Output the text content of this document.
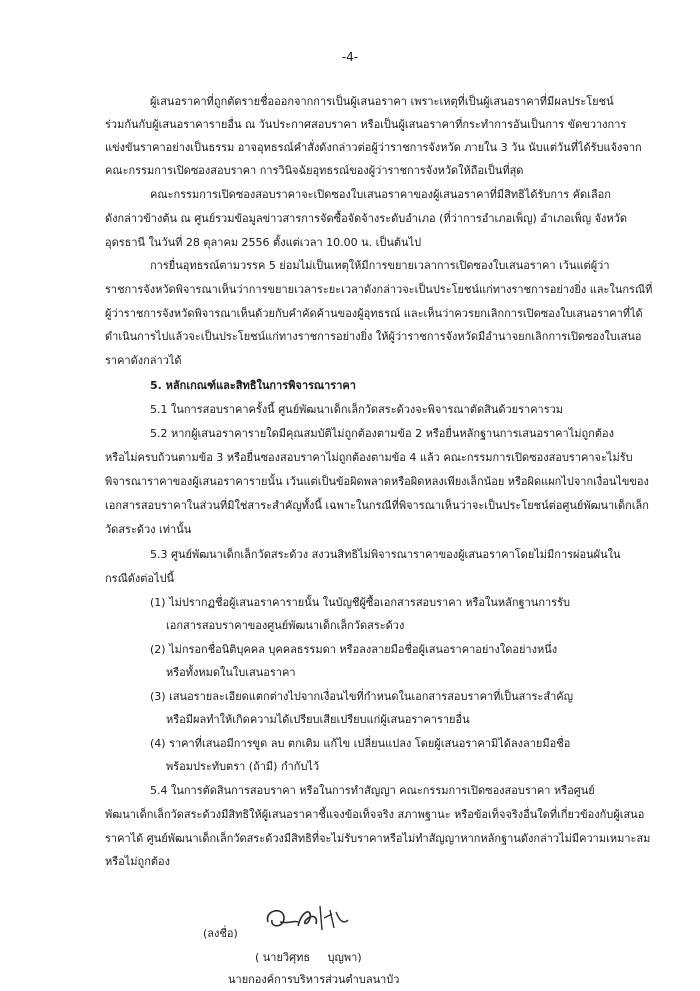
-4-
ผู้เสนอราคาที่ถูกตัดรายชื่อออกจากการเป็นผู้เสนอราคา เพราะเหตุที่เป็นผู้เสนอราคาที่มีผลประโยชน์
ร่วมกันกับผู้เสนอราคารายอื่น ณ วันประกาศสอบราคา หรือเป็นผู้เสนอราคาที่กระทำการอันเป็นการ ขัดขวางการ
แข่งขันราคาอย่างเป็นธรรม อาจอุทธรณ์คำสั่งดังกล่าวต่อผู้ว่าราชการจังหวัด ภายใน 3 วัน นับแต่วันที่ได้รับแจ้งจาก
คณะกรรมการเปิดซองสอบราคา การวินิจฉัยอุทธรณ์ของผู้ว่าราชการจังหวัดให้ถือเป็นที่สุด
คณะกรรมการเปิดซองสอบราคาจะเปิดซองใบเสนอราคาของผู้เสนอราคาที่มีสิทธิได้รับการ คัดเลือก
ดังกล่าวข้างต้น ณ ศูนย์รวมข้อมูลข่าวสารการจัดซื้อจัดจ้างระดับอำเภอ (ที่ว่าการอำเภอเพ็ญ) อำเภอเพ็ญ จังหวัด
อุดรธานี ในวันที่ 28 ตุลาคม 2556 ตั้งแต่เวลา 10.00 น. เป็นต้นไป
การยื่นอุทธรณ์ตามวรรค 5 ย่อมไม่เป็นเหตุให้มีการขยายเวลาการเปิดซองใบเสนอราคา เว้นแต่ผู้ว่า
ราชการจังหวัดพิจารณาเห็นว่าการขยายเวลาระยะเวลาดังกล่าวจะเป็นประโยชน์แก่ทางราชการอย่างยิ่ง และในกรณีที่
ผู้ว่าราชการจังหวัดพิจารณาเห็นด้วยกับคำคัดค้านของผู้อุทธรณ์ และเห็นว่าควรยกเลิกการเปิดซองใบเสนอราคาที่ได้
ดำเนินการไปแล้วจะเป็นประโยชน์แก่ทางราชการอย่างยิ่ง ให้ผู้ว่าราชการจังหวัดมีอำนาจยกเลิกการเปิดซองใบเสนอ
ราคาดังกล่าวได้
5. หลักเกณฑ์และสิทธิในการพิจารณาราคา
5.1 ในการสอบราคาครั้งนี้ ศูนย์พัฒนาเด็กเล็กวัดสระด้วงจะพิจารณาตัดสินด้วยราคารวม
5.2 หากผู้เสนอราคารายใดมีคุณสมบัติไม่ถูกต้องตามข้อ 2 หรือยื่นหลักฐานการเสนอราคาไม่ถูกต้อง
หรือไม่ครบถ้วนตามข้อ 3 หรือยื่นซองสอบราคาไม่ถูกต้องตามข้อ 4 แล้ว คณะกรรมการเปิดซองสอบราคาจะไม่รับ
พิจารณาราคาของผู้เสนอราคารายนั้น เว้นแต่เป็นข้อผิดพลาดหรือผิดหลงเพียงเล็กน้อย หรือผิดแผกไปจากเงื่อนไขของ
เอกสารสอบราคาในส่วนที่มิใช่สาระสำคัญทั้งนี้ เฉพาะในกรณีที่พิจารณาเห็นว่าจะเป็นประโยชน์ต่อศูนย์พัฒนาเด็กเล็ก
วัดสระด้วง เท่านั้น
5.3 ศูนย์พัฒนาเด็กเล็กวัดสระด้วง สงวนสิทธิไม่พิจารณาราคาของผู้เสนอราคาโดยไม่มีการผ่อนผันใน
กรณีดังต่อไปนี้
(1) ไม่ปรากฏชื่อผู้เสนอราคารายนั้น ในบัญชีผู้ซื้อเอกสารสอบราคา หรือในหลักฐานการรับ
เอกสารสอบราคาของศูนย์พัฒนาเด็กเล็กวัดสระด้วง
(2) ไม่กรอกชื่อนิติบุคคล บุคคลธรรมดา หรือลงลายมือชื่อผู้เสนอราคาอย่างใดอย่างหนึ่ง
หรือทั้งหมดในใบเสนอราคา
(3) เสนอรายละเอียดแตกต่างไปจากเงื่อนไขที่กำหนดในเอกสารสอบราคาที่เป็นสาระสำคัญ
หรือมีผลทำให้เกิดความได้เปรียบเสียเปรียบแก่ผู้เสนอราคารายอื่น
(4) ราคาที่เสนอมีการขูด ลบ ตกเติม แก้ไข เปลี่ยนแปลง โดยผู้เสนอราคามิได้ลงลายมือชื่อ
พร้อมประทับตรา (ถ้ามี) กำกับไว้
5.4 ในการตัดสินการสอบราคา หรือในการทำสัญญา คณะกรรมการเปิดซองสอบราคา หรือศูนย์
พัฒนาเด็กเล็กวัดสระด้วงมีสิทธิให้ผู้เสนอราคาชี้แจงข้อเท็จจริง สภาพฐานะ หรือข้อเท็จจริงอื่นใดที่เกี่ยวข้องกับผู้เสนอ
ราคาได้ ศูนย์พัฒนาเด็กเล็กวัดสระด้วงมีสิทธิที่จะไม่รับราคาหรือไม่ทำสัญญาหากหลักฐานดังกล่าวไม่มีความเหมาะสม
หรือไม่ถูกต้อง
(ลงชื่อ)
( นายวิศุทธ     บุญพา)
นายกองค์การบริหารส่วนตำบลนาบัว
